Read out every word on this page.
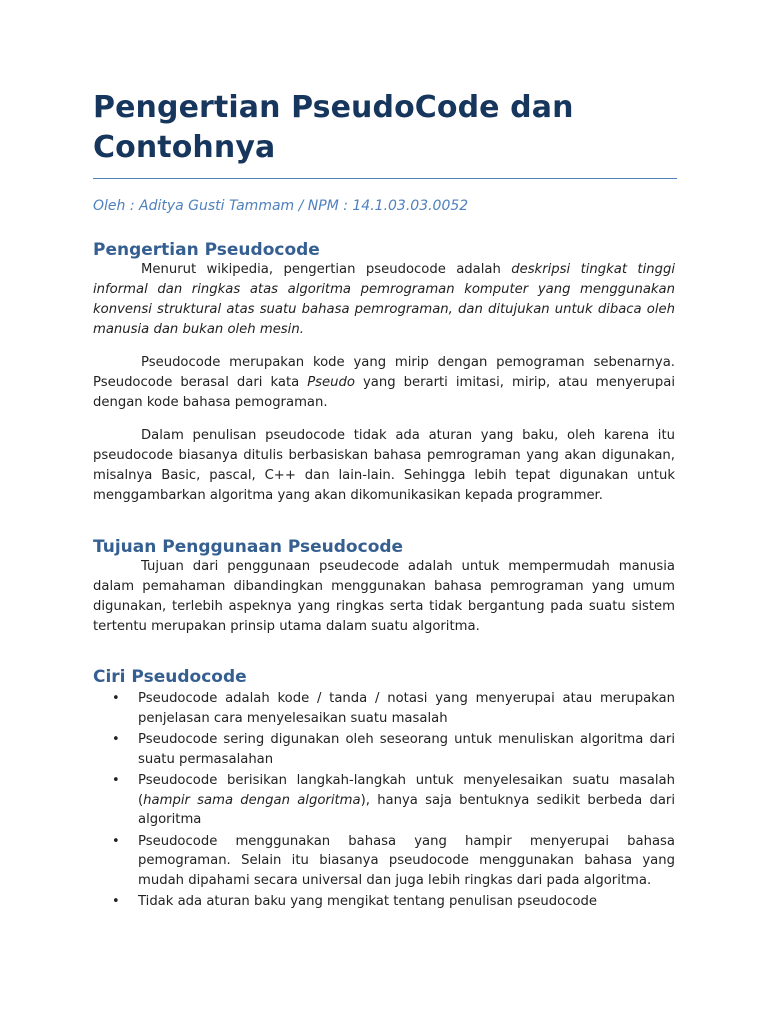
Pengertian PseudoCode dan Contohnya

Oleh : Aditya Gusti Tammam / NPM : 14.1.03.03.0052

Pengertian Pseudocode

Menurut wikipedia, pengertian pseudocode adalah deskripsi tingkat tinggi informal dan ringkas atas algoritma pemrograman komputer yang menggunakan konvensi struktural atas suatu bahasa pemrograman, dan ditujukan untuk dibaca oleh manusia dan bukan oleh mesin.

Pseudocode merupakan kode yang mirip dengan pemograman sebenarnya. Pseudocode berasal dari kata Pseudo yang berarti imitasi, mirip, atau menyerupai dengan kode bahasa pemograman.

Dalam penulisan pseudocode tidak ada aturan yang baku, oleh karena itu pseudocode biasanya ditulis berbasiskan bahasa pemrograman yang akan digunakan, misalnya Basic, pascal, C++ dan lain-lain. Sehingga lebih tepat digunakan untuk menggambarkan algoritma yang akan dikomunikasikan kepada programmer.

Tujuan Penggunaan Pseudocode

Tujuan dari penggunaan pseudecode adalah untuk mempermudah manusia dalam pemahaman dibandingkan menggunakan bahasa pemrograman yang umum digunakan, terlebih aspeknya yang ringkas serta tidak bergantung pada suatu sistem tertentu merupakan prinsip utama dalam suatu algoritma.

Ciri Pseudocode
• Pseudocode adalah kode / tanda / notasi yang menyerupai atau merupakan penjelasan cara menyelesaikan suatu masalah
• Pseudocode sering digunakan oleh seseorang untuk menuliskan algoritma dari suatu permasalahan
• Pseudocode berisikan langkah-langkah untuk menyelesaikan suatu masalah (hampir sama dengan algoritma), hanya saja bentuknya sedikit berbeda dari algoritma
• Pseudocode menggunakan bahasa yang hampir menyerupai bahasa pemograman. Selain itu biasanya pseudocode menggunakan bahasa yang mudah dipahami secara universal dan juga lebih ringkas dari pada algoritma.
• Tidak ada aturan baku yang mengikat tentang penulisan pseudocode
